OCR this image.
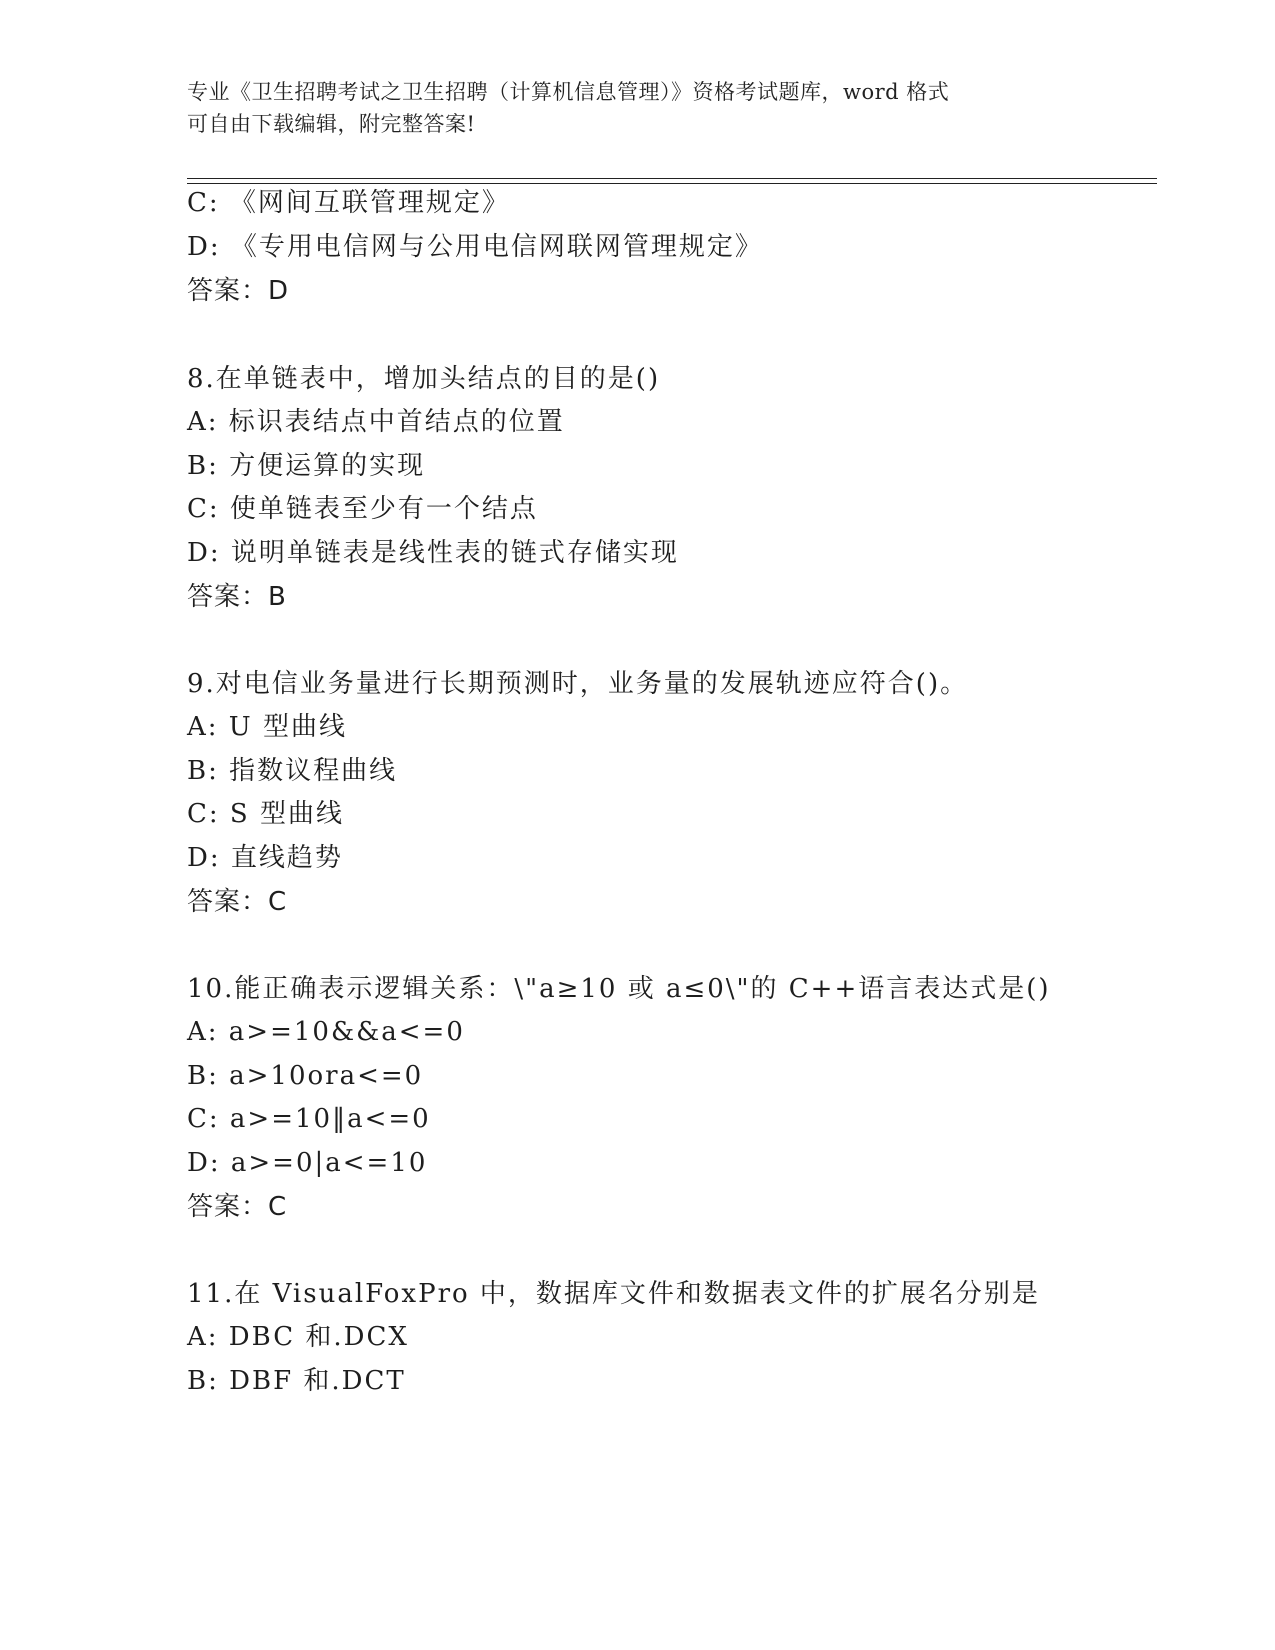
专业《卫生招聘考试之卫生招聘（计算机信息管理）》资格考试题库，word 格式
可自由下载编辑，附完整答案!
C: 《网间互联管理规定》
D: 《专用电信网与公用电信网联网管理规定》
答案：D
8.在单链表中，增加头结点的目的是()
A: 标识表结点中首结点的位置
B: 方便运算的实现
C: 使单链表至少有一个结点
D: 说明单链表是线性表的链式存储实现
答案：B
9.对电信业务量进行长期预测时，业务量的发展轨迹应符合()。
A: U 型曲线
B: 指数议程曲线
C: S 型曲线
D: 直线趋势
答案：C
10.能正确表示逻辑关系：\"a≥10 或 a≤0\"的 C++语言表达式是()
A: a>=10&&a<=0
B: a>10ora<=0
C: a>=10‖a<=0
D: a>=0|a<=10
答案：C
11.在 VisualFoxPro 中，数据库文件和数据表文件的扩展名分别是
A: DBC 和.DCX
B: DBF 和.DCT
